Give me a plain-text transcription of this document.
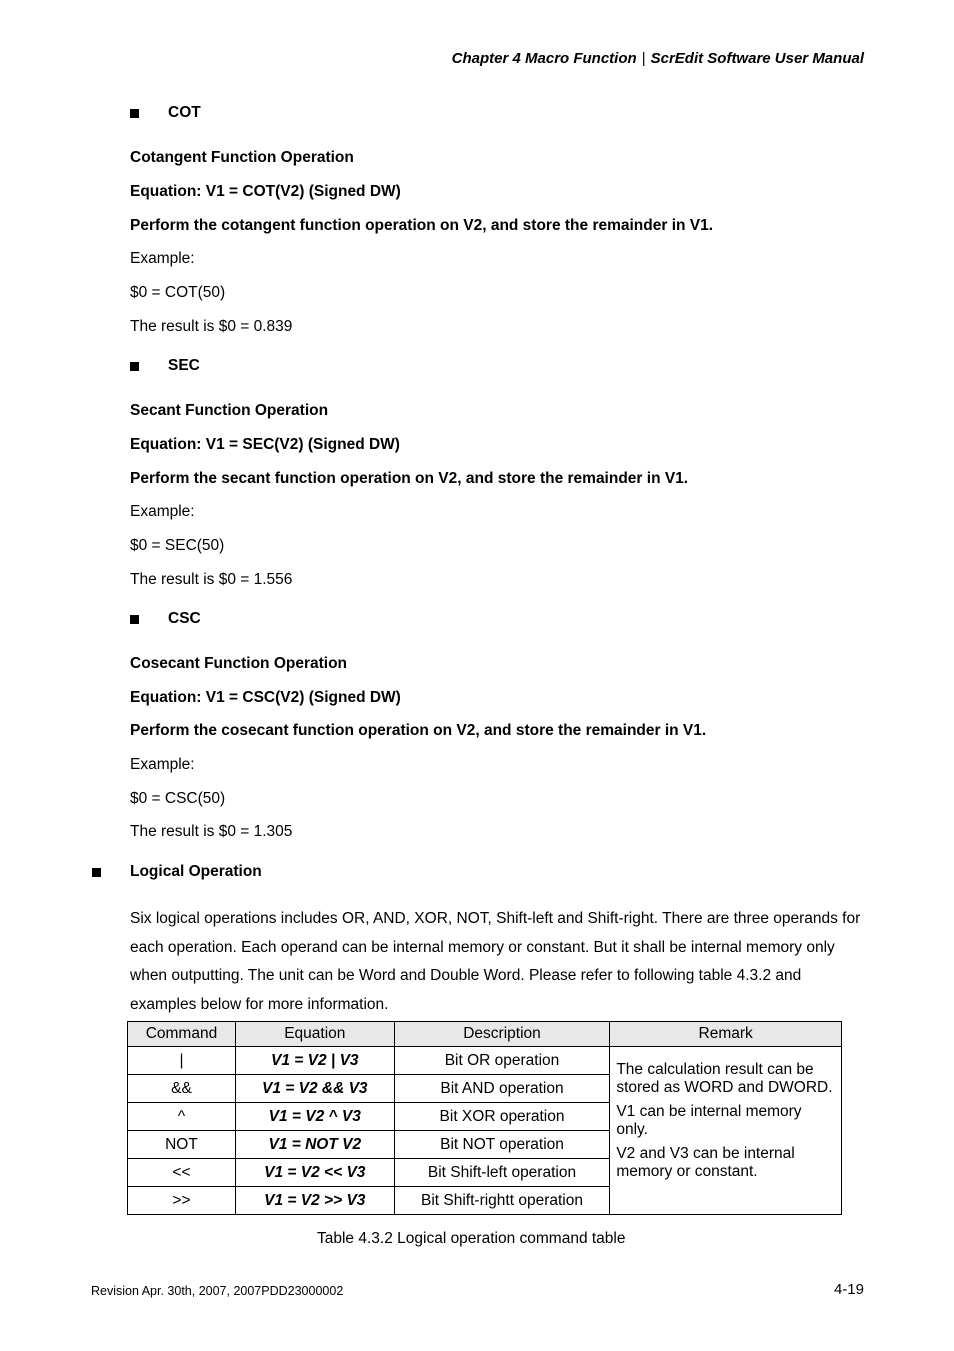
Chapter 4 Macro Function | ScrEdit Software User Manual
COT
Cotangent Function Operation
Equation: V1 = COT(V2) (Signed DW)
Perform the cotangent function operation on V2, and store the remainder in V1.
Example:
$0 = COT(50)
The result is $0 = 0.839
SEC
Secant Function Operation
Equation: V1 = SEC(V2) (Signed DW)
Perform the secant function operation on V2, and store the remainder in V1.
Example:
$0 = SEC(50)
The result is $0 = 1.556
CSC
Cosecant Function Operation
Equation: V1 = CSC(V2) (Signed DW)
Perform the cosecant function operation on V2, and store the remainder in V1.
Example:
$0 = CSC(50)
The result is $0 = 1.305
Logical Operation
Six logical operations includes OR, AND, XOR, NOT, Shift-left and Shift-right. There are three operands for each operation. Each operand can be internal memory or constant. But it shall be internal memory only when outputting. The unit can be Word and Double Word. Please refer to following table 4.3.2 and examples below for more information.
Command	Equation	Description	Remark
|	V1 = V2 | V3	Bit OR operation	The calculation result can be stored as WORD and DWORD.

V1 can be internal memory only.

V2 and V3 can be internal memory or constant.

&&	V1 = V2 && V3	Bit AND operation	
^	V1 = V2 ^ V3	Bit XOR operation	
NOT	V1 = NOT V2	Bit NOT operation	
<<	V1 = V2 << V3	Bit Shift-left operation	
>>	V1 = V2 >> V3	Bit Shift-rightt operation	
Table 4.3.2 Logical operation command table
Revision Apr. 30th, 2007, 2007PDD23000002	4-19
